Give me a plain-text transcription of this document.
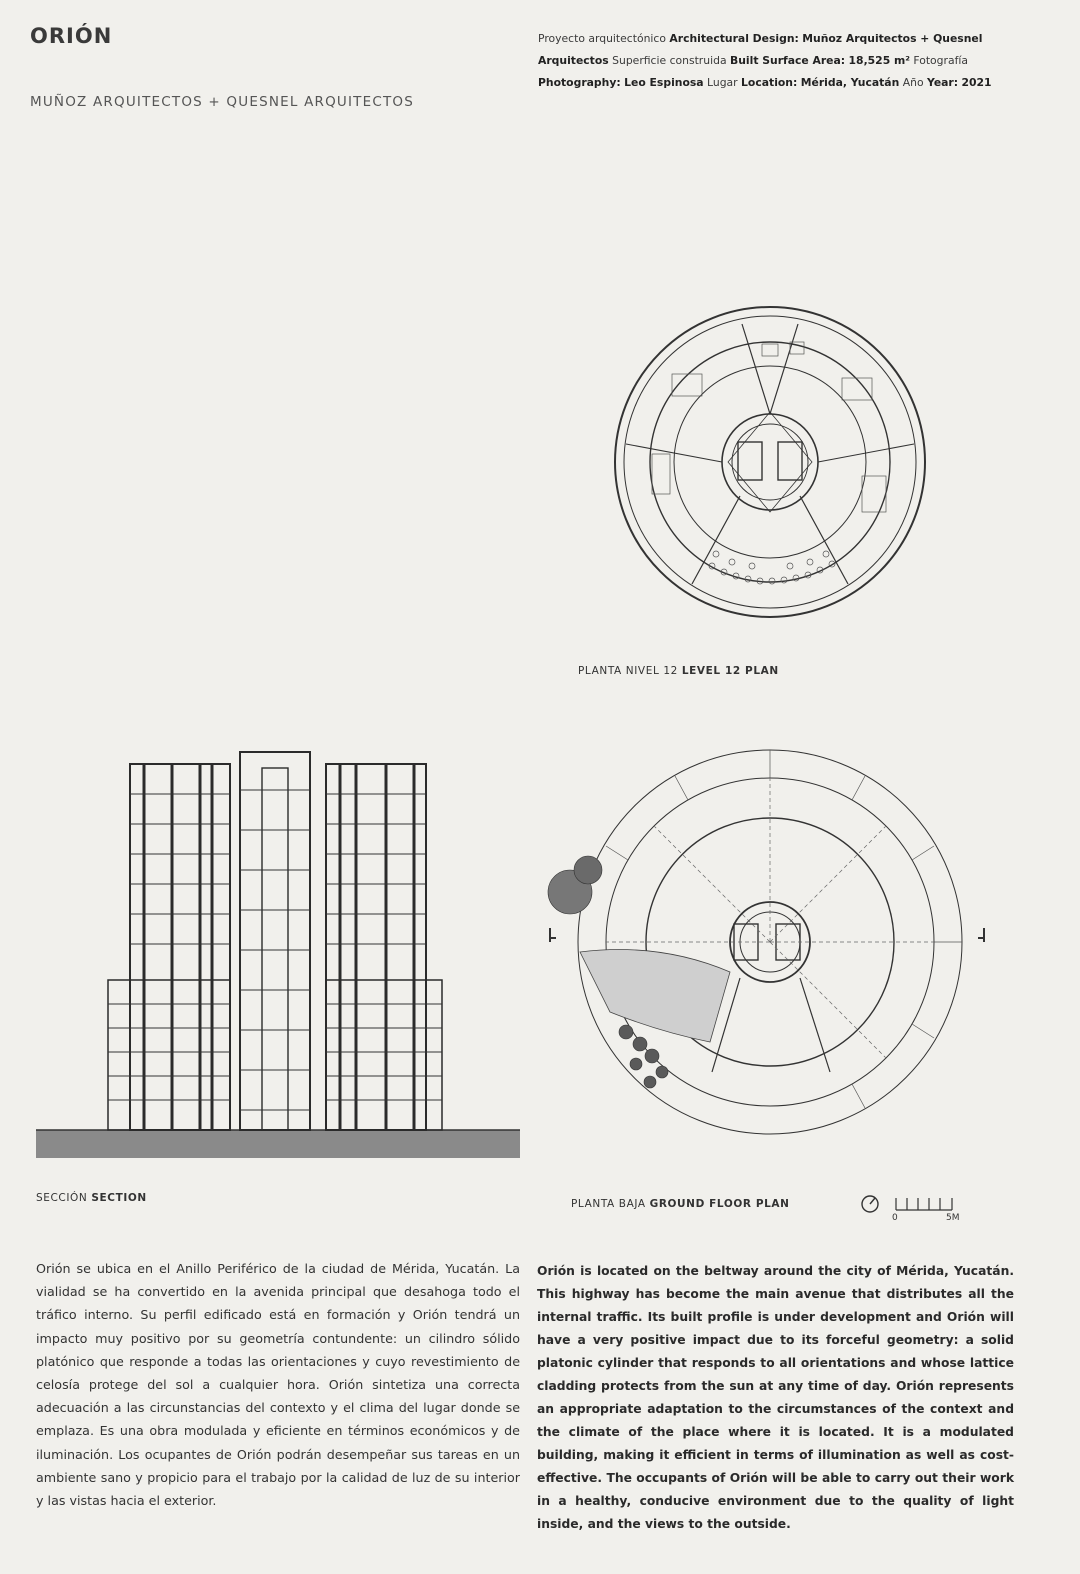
ORIÓN
MUÑOZ ARQUITECTOS + QUESNEL ARQUITECTOS
Proyecto arquitectónico Architectural Design: Muñoz Arquitectos + Quesnel Arquitectos Superficie construida Built Surface Area: 18,525 m² Fotografía Photography: Leo Espinosa Lugar Location: Mérida, Yucatán Año Year: 2021
PLANTA NIVEL 12 LEVEL 12 PLAN
SECCIÓN SECTION	PLANTA BAJA GROUND FLOOR PLAN
0	5M
Orión se ubica en el Anillo Periférico de la ciudad de Mérida, Yucatán. La vialidad se ha convertido en la avenida principal que desahoga todo el tráfico interno. Su perfil edificado está en formación y Orión tendrá un impacto muy positivo por su geometría contundente: un cilindro sólido platónico que responde a todas las orientaciones y cuyo revestimiento de celosía protege del sol a cualquier hora. Orión sintetiza una correcta adecuación a las circunstancias del contexto y el clima del lugar donde se emplaza. Es una obra modulada y eficiente en términos económicos y de iluminación. Los ocupantes de Orión podrán desempeñar sus tareas en un ambiente sano y propicio para el trabajo por la calidad de luz de su interior y las vistas hacia el exterior.
Orión is located on the beltway around the city of Mérida, Yucatán. This highway has become the main avenue that distributes all the internal traffic. Its built profile is under development and Orión will have a very positive impact due to its forceful geometry: a solid platonic cylinder that responds to all orientations and whose lattice cladding protects from the sun at any time of day. Orión represents an appropriate adaptation to the circumstances of the context and the climate of the place where it is located. It is a modulated building, making it efficient in terms of illumination as well as cost-effective. The occupants of Orión will be able to carry out their work in a healthy, conducive environment due to the quality of light inside, and the views to the outside.
